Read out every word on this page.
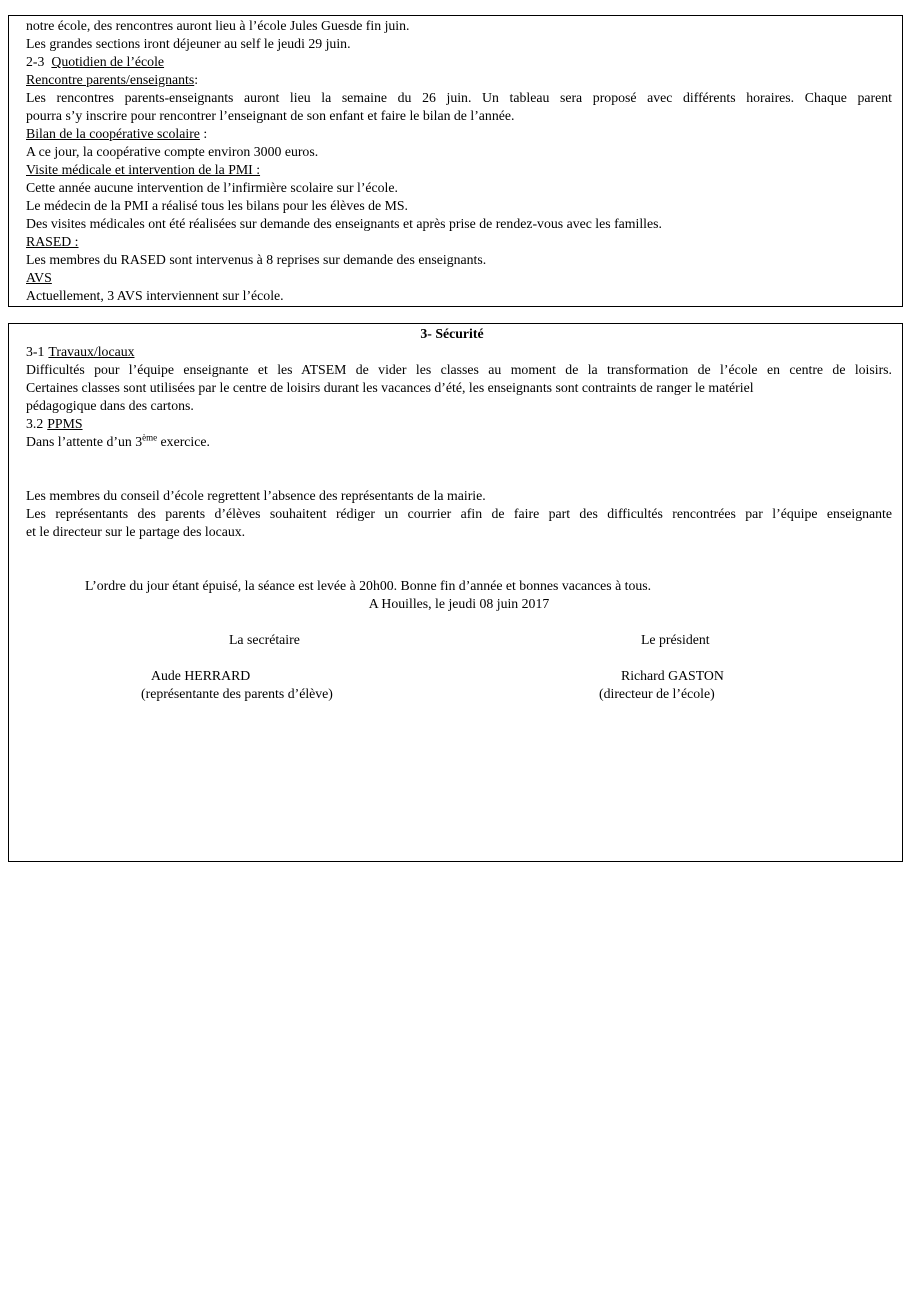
notre école, des rencontres auront lieu à l’école Jules Guesde fin juin.
Les grandes sections iront déjeuner au self le jeudi 29 juin.
2-3 Quotidien de l’école
Rencontre parents/enseignants:
Les rencontres parents-enseignants auront lieu la semaine du 26 juin. Un tableau sera proposé avec différents horaires. Chaque parent
pourra s’y inscrire pour rencontrer l’enseignant de son enfant et faire le bilan de l’année.
Bilan de la coopérative scolaire :
A ce jour, la coopérative compte environ 3000 euros.
Visite médicale et intervention de la PMI :
Cette année aucune intervention de l’infirmière scolaire sur l’école.
Le médecin de la PMI a réalisé tous les bilans pour les élèves de MS.
Des visites médicales ont été réalisées sur demande des enseignants et après prise de rendez-vous avec les familles.
RASED :
Les membres du RASED sont intervenus à 8 reprises sur demande des enseignants.
AVS
Actuellement, 3 AVS interviennent sur l’école.
3- Sécurité
3-1 Travaux/locaux
Difficultés pour l’équipe enseignante et les ATSEM de vider les classes au moment de la transformation de l’école en centre de loisirs.
Certaines classes sont utilisées par le centre de loisirs durant les vacances d’été, les enseignants sont contraints de ranger le matériel
pédagogique dans des cartons.
3.2 PPMS
Dans l’attente d’un 3ème exercice.
Les membres du conseil d’école regrettent l’absence des représentants de la mairie.
Les représentants des parents d’élèves souhaitent rédiger un courrier afin de faire part des difficultés rencontrées par l’équipe enseignante
et le directeur sur le partage des locaux.
L’ordre du jour étant épuisé, la séance est levée à 20h00. Bonne fin d’année et bonnes vacances à tous.
A Houilles, le jeudi 08 juin 2017
La secrétaire	Le président
Aude HERRARD	Richard GASTON
(représentante des parents d’élève)	(directeur de l’école)
